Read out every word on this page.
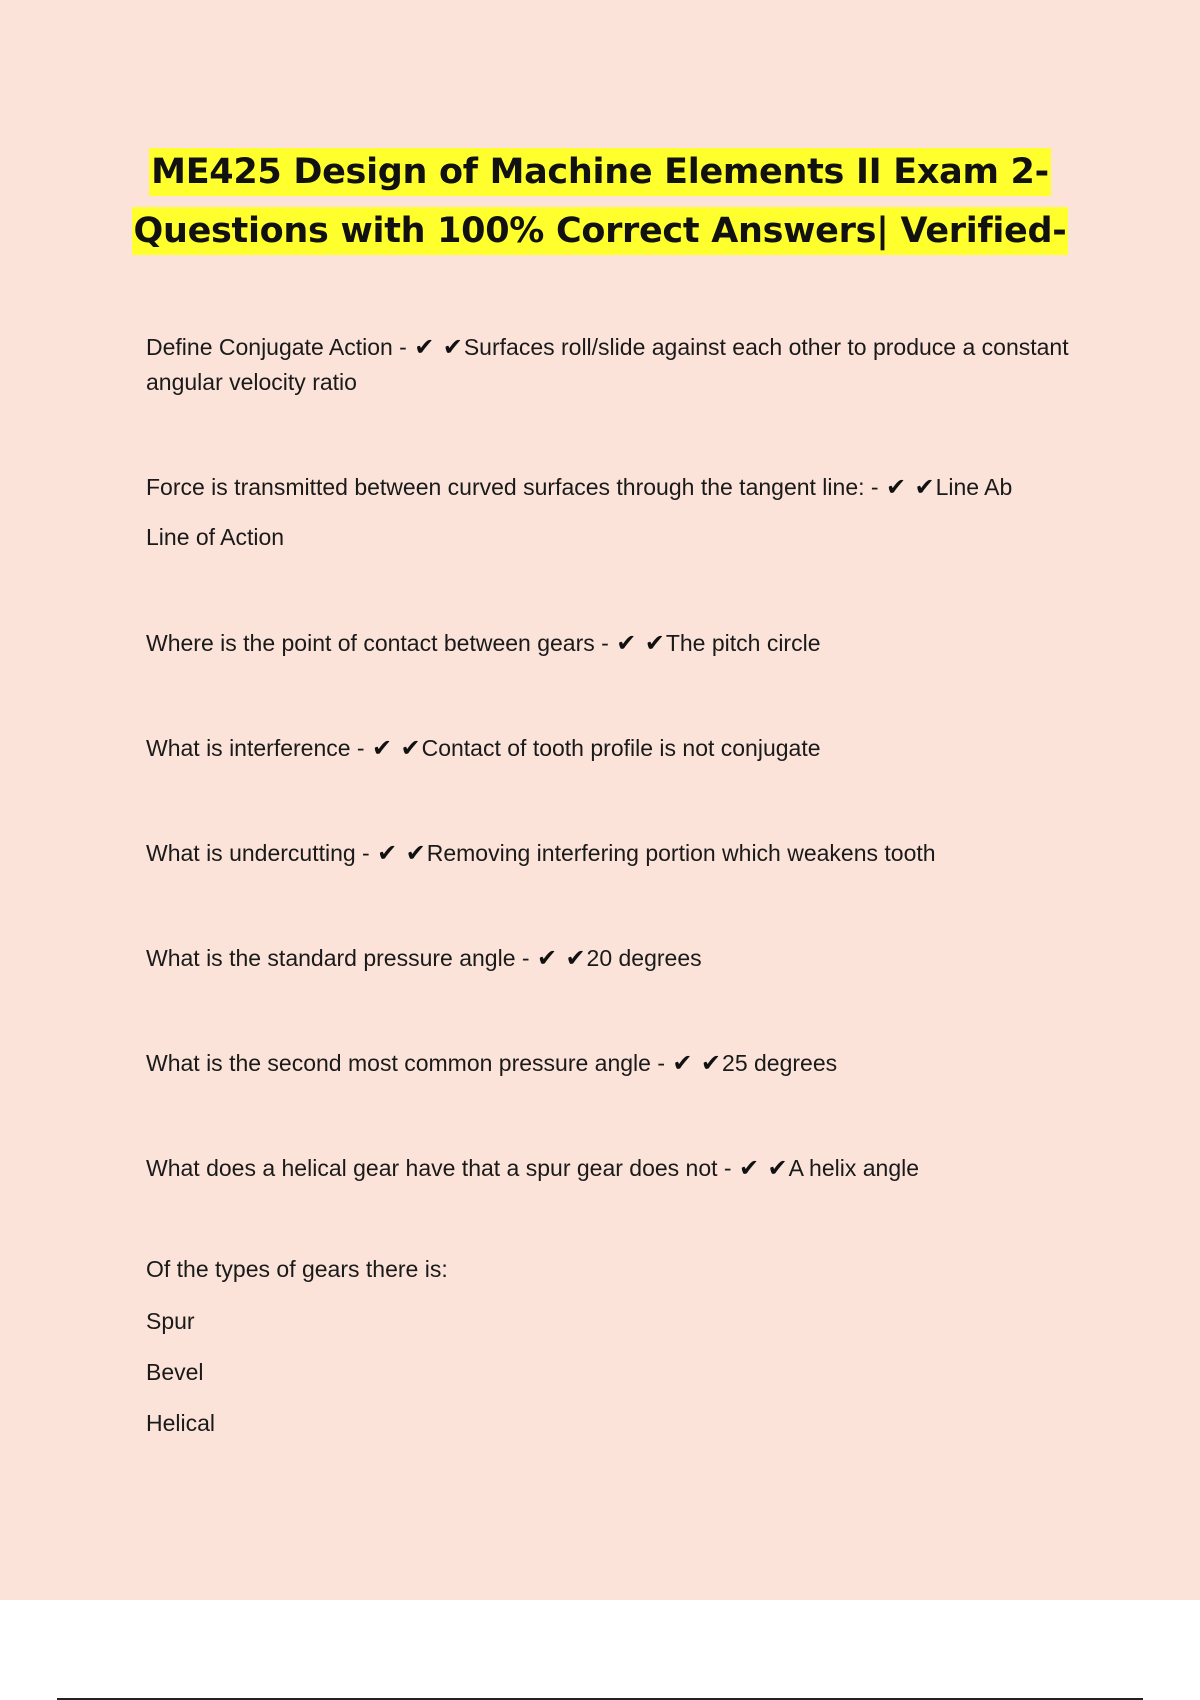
ME425 Design of Machine Elements II Exam 2-
Questions with 100% Correct Answers| Verified-
Define Conjugate Action - ✔ ✔Surfaces roll/slide against each other to produce a constant angular velocity ratio
Force is transmitted between curved surfaces through the tangent line: - ✔ ✔Line Ab
Line of Action
Where is the point of contact between gears - ✔ ✔The pitch circle
What is interference - ✔ ✔Contact of tooth profile is not conjugate
What is undercutting - ✔ ✔Removing interfering portion which weakens tooth
What is the standard pressure angle - ✔ ✔20 degrees
What is the second most common pressure angle - ✔ ✔25 degrees
What does a helical gear have that a spur gear does not - ✔ ✔A helix angle
Of the types of gears there is:
Spur
Bevel
Helical
